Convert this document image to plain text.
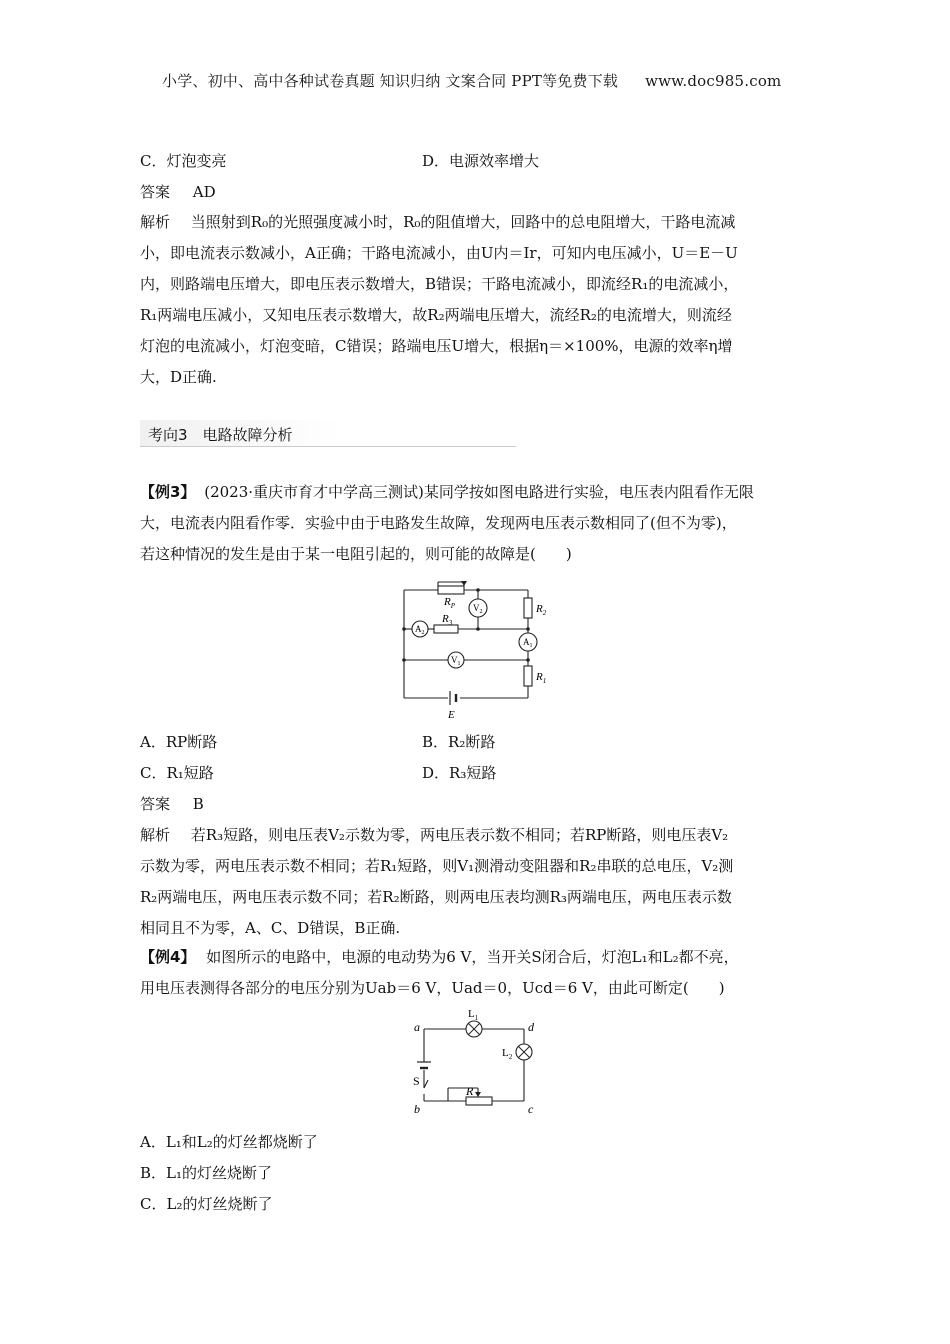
小学、初中、高中各种试卷真题 知识归纳 文案合同 PPT等免费下载 www.doc985.com
C．灯泡变亮	D．电源效率增大
答案 AD
解析 当照射到R₀的光照强度减小时，R₀的阻值增大，回路中的总电阻增大，干路电流减
小，即电流表示数减小，A正确；干路电流减小，由U内＝Ir，可知内电压减小，U＝E－U
内，则路端电压增大，即电压表示数增大，B错误；干路电流减小，即流经R₁的电流减小，
R₁两端电压减小，又知电压表示数增大，故R₂两端电压增大，流经R₂的电流增大，则流经
灯泡的电流减小，灯泡变暗，C错误；路端电压U增大，根据η＝×100%，电源的效率η增
大，D正确.
考向3　电路故障分析
【例3】 (2023·重庆市育才中学高三测试)某同学按如图电路进行实验，电压表内阻看作无限
大，电流表内阻看作零．实验中由于电路发生故障，发现两电压表示数相同了(但不为零)，
若这种情况的发生是由于某一电阻引起的，则可能的故障是(　　)
$R_P$
$R_3$
$R_2$
$R_1$
$V_2$
$A_2$
$A_1$
$V_1$
E
A．RP断路	B．R₂断路
C．R₁短路	D．R₃短路
答案 B
解析 若R₃短路，则电压表V₂示数为零，两电压表示数不相同；若RP断路，则电压表V₂
示数为零，两电压表示数不相同；若R₁短路，则V₁测滑动变阻器和R₂串联的总电压，V₂测
R₂两端电压，两电压表示数不同；若R₂断路，则两电压表均测R₃两端电压，两电压表示数
相同且不为零，A、C、D错误，B正确.
【例4】 如图所示的电路中，电源的电动势为6 V，当开关S闭合后，灯泡L₁和L₂都不亮，
用电压表测得各部分的电压分别为Uab＝6 V，Uad＝0，Ucd＝6 V，由此可断定(　　)
a
b	c
d
$L_1$
$L_2$
S
R
A．L₁和L₂的灯丝都烧断了
B．L₁的灯丝烧断了
C．L₂的灯丝烧断了
